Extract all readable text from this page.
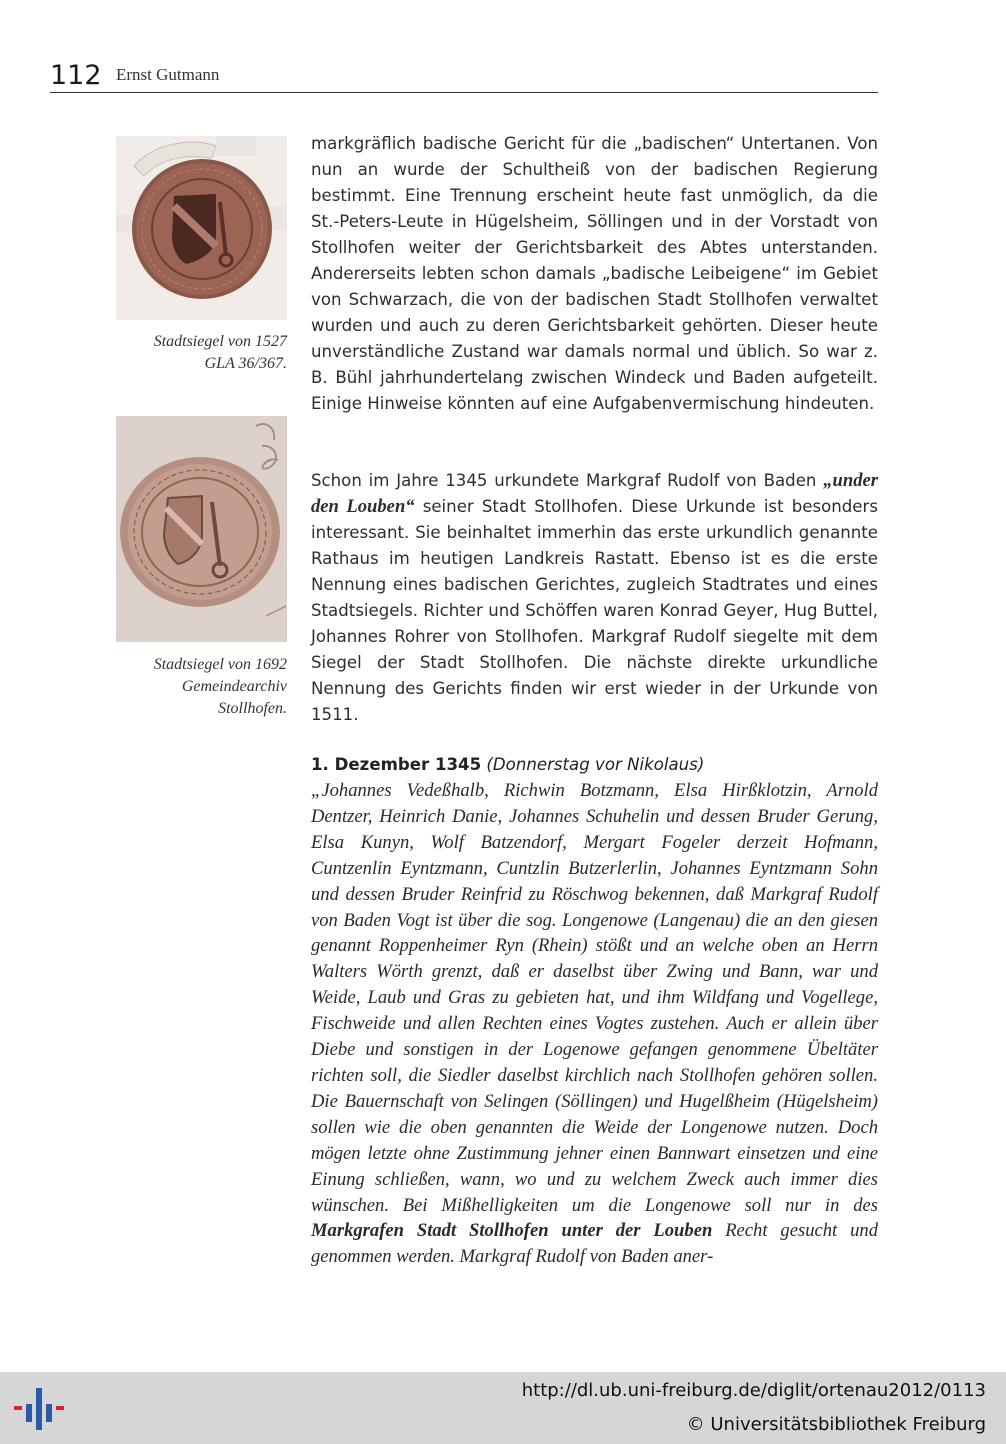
112 Ernst Gutmann
Stadtsiegel von 1527
GLA 36/367.
Stadtsiegel von 1692
Gemeindearchiv
Stollhofen.

markgräflich badische Gericht für die „badischen“ Untertanen. Von nun an wurde der Schultheiß von der badischen Regierung bestimmt. Eine Trennung erscheint heute fast unmöglich, da die St.-Peters-Leute in Hügelsheim, Söllingen und in der Vorstadt von Stollhofen weiter der Gerichtsbarkeit des Abtes unterstanden. Andererseits lebten schon damals „badische Leibeigene“ im Gebiet von Schwarzach, die von der badischen Stadt Stollhofen verwaltet wurden und auch zu deren Gerichtsbarkeit gehörten. Dieser heute unverständliche Zustand war damals normal und üblich. So war z. B. Bühl jahrhundertelang zwischen Windeck und Baden aufgeteilt. Einige Hinweise könnten auf eine Aufgabenvermischung hindeuten.

Schon im Jahre 1345 urkundete Markgraf Rudolf von Baden „under den Louben“ seiner Stadt Stollhofen. Diese Urkunde ist besonders interessant. Sie beinhaltet immerhin das erste urkundlich genannte Rathaus im heutigen Landkreis Rastatt. Ebenso ist es die erste Nennung eines badischen Gerichtes, zugleich Stadtrates und eines Stadtsiegels. Richter und Schöffen waren Konrad Geyer, Hug Buttel, Johannes Rohrer von Stollhofen. Markgraf Rudolf siegelte mit dem Siegel der Stadt Stollhofen. Die nächste direkte urkundliche Nennung des Gerichts finden wir erst wieder in der Urkunde von 1511.

1. Dezember 1345 (Donnerstag vor Nikolaus)

„Johannes Vedeßhalb, Richwin Botzmann, Elsa Hirßklotzin, Arnold Dentzer, Heinrich Danie, Johannes Schuhelin und dessen Bruder Gerung, Elsa Kunyn, Wolf Batzendorf, Mergart Fogeler derzeit Hofmann, Cuntzenlin Eyntzmann, Cuntzlin Butzerlerlin, Johannes Eyntzmann Sohn und dessen Bruder Reinfrid zu Röschwog bekennen, daß Markgraf Rudolf von Baden Vogt ist über die sog. Longenowe (Langenau) die an den giesen genannt Roppenheimer Ryn (Rhein) stößt und an welche oben an Herrn Walters Wörth grenzt, daß er daselbst über Zwing und Bann, war und Weide, Laub und Gras zu gebieten hat, und ihm Wildfang und Vogellege, Fischweide und allen Rechten eines Vogtes zustehen. Auch er allein über Diebe und sonstigen in der Logenowe gefangen genommene Übeltäter richten soll, die Siedler daselbst kirchlich nach Stollhofen gehören sollen. Die Bauernschaft von Selingen (Söllingen) und Hugelßheim (Hügelsheim) sollen wie die oben genannten die Weide der Longenowe nutzen. Doch mögen letzte ohne Zustimmung jehner einen Bannwart einsetzen und eine Einung schließen, wann, wo und zu welchem Zweck auch immer dies wünschen. Bei Mißhelligkeiten um die Longenowe soll nur in des Markgrafen Stadt Stollhofen unter der Louben Recht gesucht und genommen werden. Markgraf Rudolf von Baden aner-

http://dl.ub.uni-freiburg.de/diglit/ortenau2012/0113
© Universitätsbibliothek Freiburg
